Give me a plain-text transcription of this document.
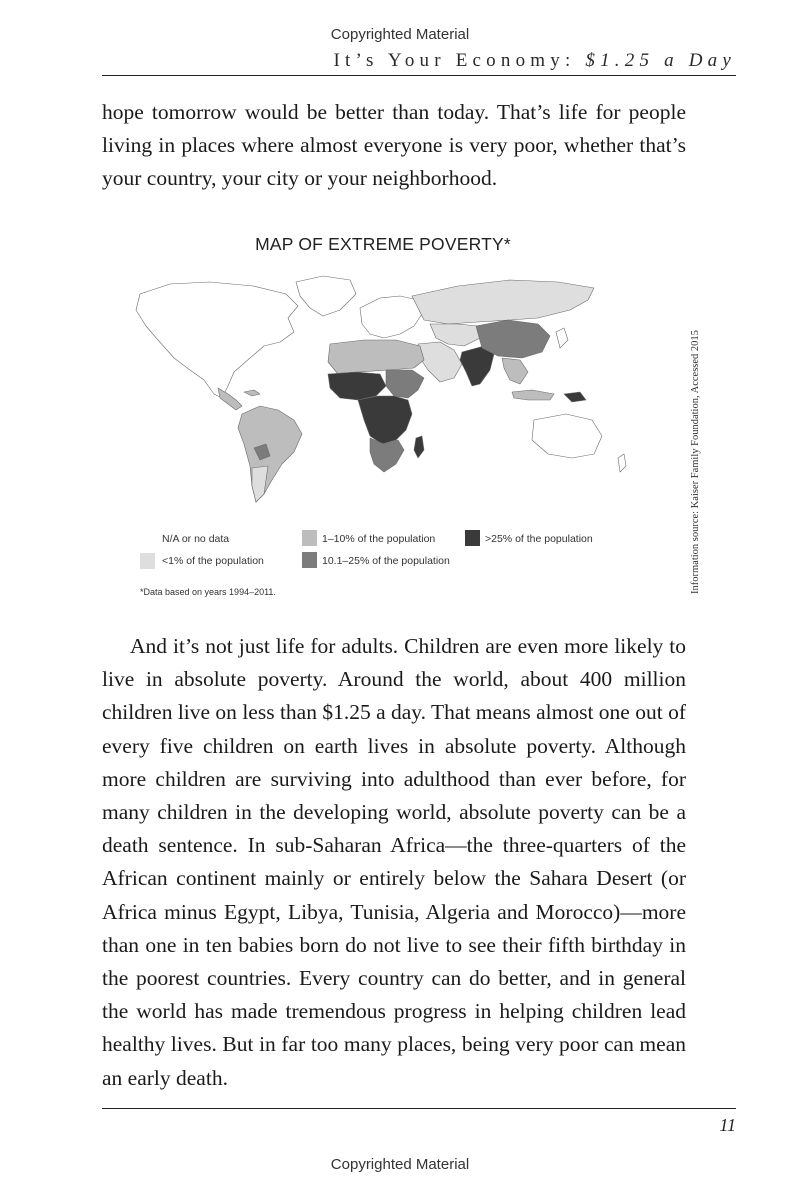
Copyrighted Material
It’s Your Economy: $1.25 a Day

hope tomorrow would be better than today. That’s life for people living in places where almost everyone is very poor, whether that’s your country, your city or your neighborhood.

MAP OF EXTREME POVERTY*
N/A or no data
<1% of the population
1–10% of the population
10.1–25% of the population
>25% of the population
*Data based on years 1994–2011.	Information source: Kaiser Family Foundation, Accessed 2015

And it’s not just life for adults. Children are even more likely to live in absolute poverty. Around the world, about 400 million children live on less than $1.25 a day. That means almost one out of every five children on earth lives in absolute poverty. Although more children are surviving into adulthood than ever before, for many children in the developing world, absolute poverty can be a death sentence. In sub-Saharan Africa—the three-quarters of the African continent mainly or entirely below the Sahara Desert (or Africa minus Egypt, Libya, Tunisia, Algeria and Morocco)—more than one in ten babies born do not live to see their fifth birthday in the poorest countries. Every country can do better, and in general the world has made tremendous progress in helping children lead healthy lives. But in far too many places, being very poor can mean an early death.

11
Copyrighted Material
